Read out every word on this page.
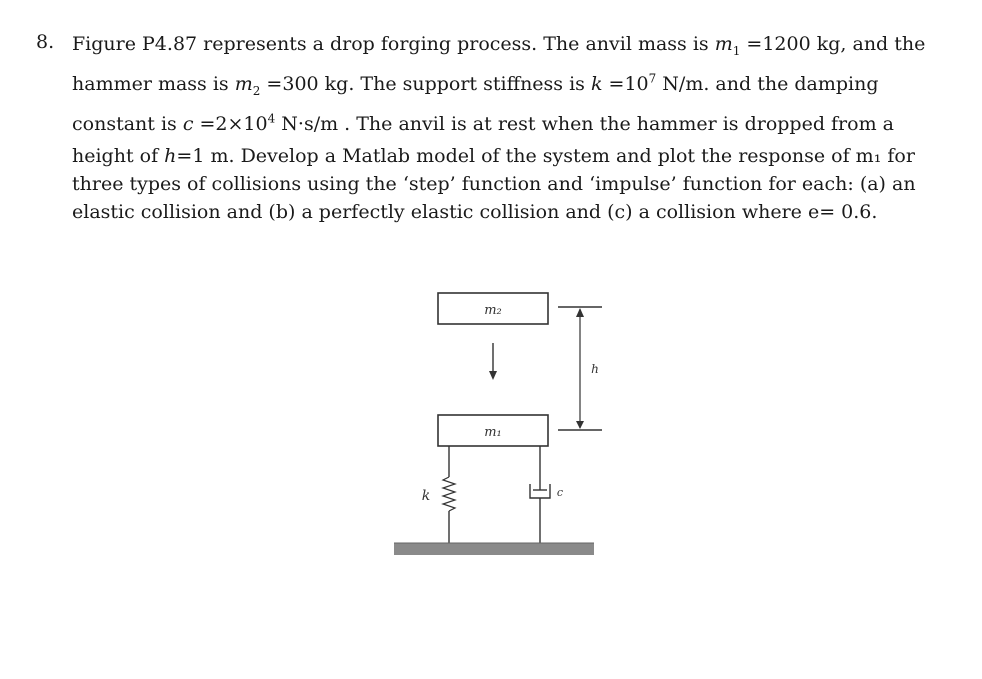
8. Figure P4.87 represents a drop forging process. The anvil mass is $m_1 =1200$ kg, and the
hammer mass is $m_2 =300$ kg. The support stiffness is $k =10^7$ N/m. and the damping
constant is $c =2\times 10^4$ N·s/m . The anvil is at rest when the hammer is dropped from a
height of h=1 m. Develop a Matlab model of the system and plot the response of m₁ for
three types of collisions using the ‘step’ function and ‘impulse’ function for each: (a) an
elastic collision and (b) a perfectly elastic collision and (c) a collision where e= 0.6.
m₂
h
m₁
k	c
